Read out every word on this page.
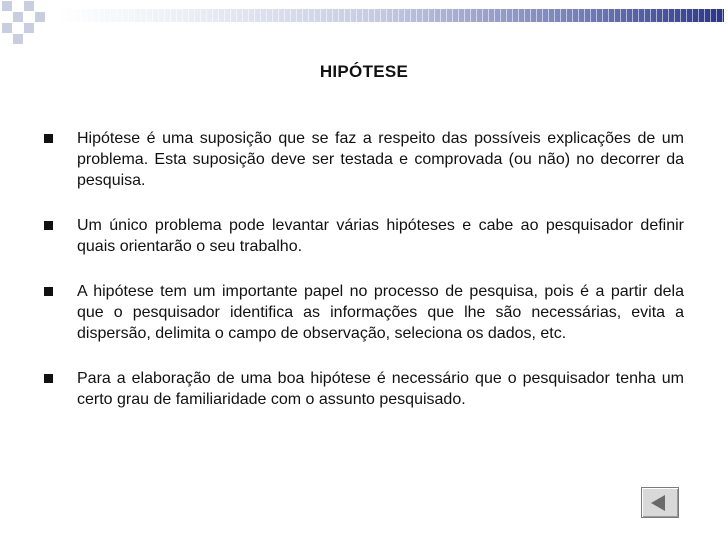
HIPÓTESE
Hipótese é uma suposição que se faz a respeito das possíveis explicações de um problema. Esta suposição deve ser testada e comprovada (ou não) no decorrer da pesquisa.
Um único problema pode levantar várias hipóteses e cabe ao pesquisador definir quais orientarão o seu trabalho.
A hipótese tem um importante papel no processo de pesquisa, pois é a partir dela que o pesquisador identifica as informações que lhe são necessárias, evita a dispersão, delimita o campo de observação, seleciona os dados, etc.
Para a elaboração de uma boa hipótese é necessário que o pesquisador tenha um certo grau de familiaridade com o assunto pesquisado.
